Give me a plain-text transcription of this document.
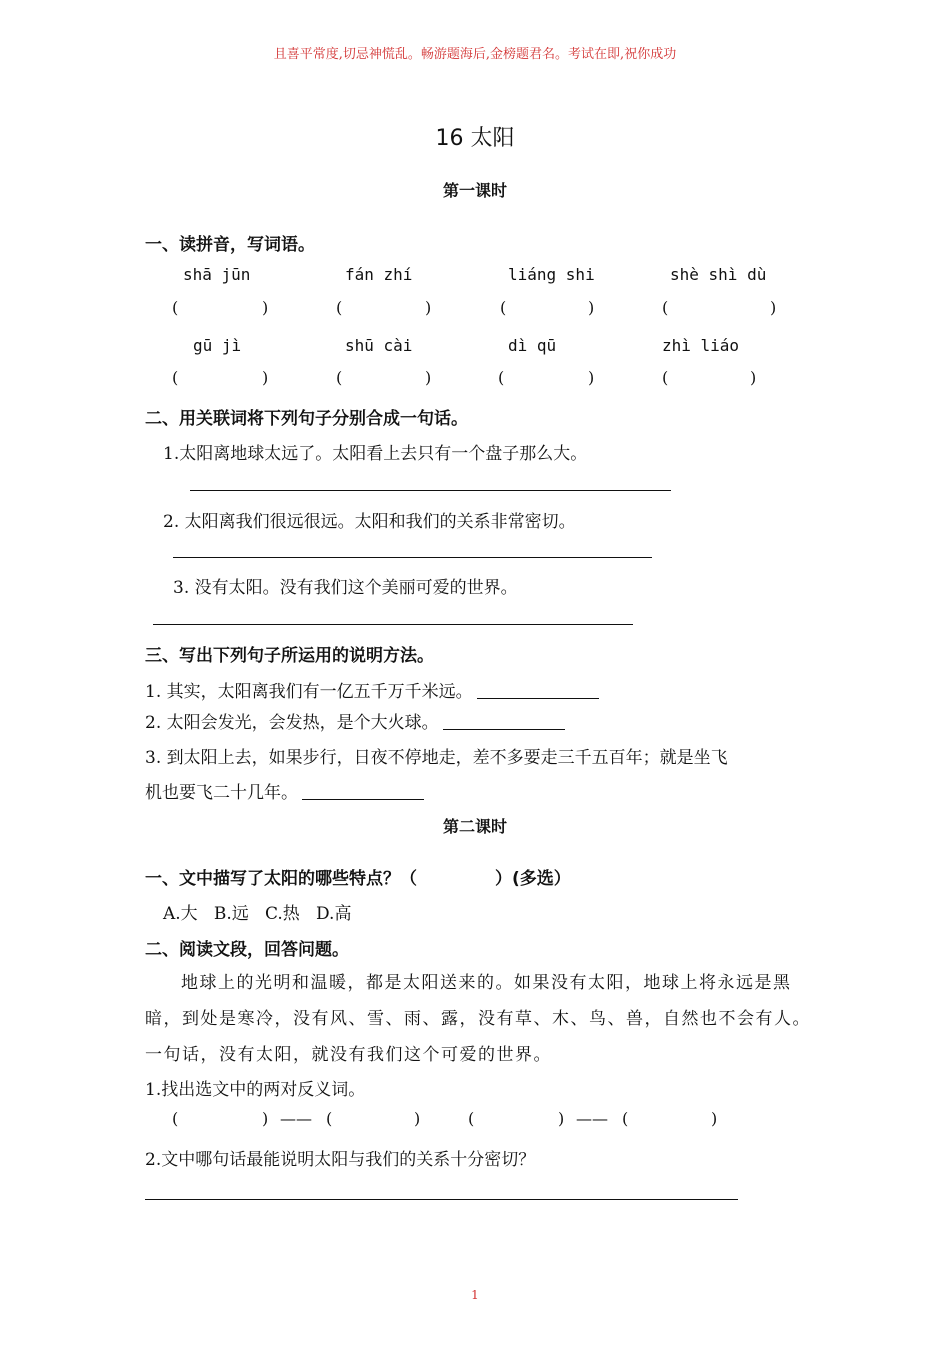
且喜平常度,切忌神慌乱。畅游题海后,金榜题君名。考试在即,祝你成功
16 太阳
第一课时
一、读拼音，写词语。
shā jūn	fán zhí	liáng shi	shè shì dù
(	)	(	)	(	)	(	)
gū jì	shū cài	dì qū	zhì liáo
(	)	(	)	(	)	(	)
二、用关联词将下列句子分别合成一句话。
1.太阳离地球太远了。太阳看上去只有一个盘子那么大。
2. 太阳离我们很远很远。太阳和我们的关系非常密切。
3. 没有太阳。没有我们这个美丽可爱的世界。
三、写出下列句子所运用的说明方法。
1. 其实，太阳离我们有一亿五千万千米远。
2. 太阳会发光，会发热，是个大火球。
3. 到太阳上去，如果步行，日夜不停地走，差不多要走三千五百年；就是坐飞
机也要飞二十几年。
第二课时
一、文中描写了太阳的哪些特点？（	）(多选）
A.大   B.远   C.热   D.高
二、阅读文段，回答问题。
地球上的光明和温暖，都是太阳送来的。如果没有太阳，地球上将永远是黑
暗，到处是寒冷，没有风、雪、雨、露，没有草、木、鸟、兽，自然也不会有人。
一句话，没有太阳，就没有我们这个可爱的世界。
1.找出选文中的两对反义词。
(	) —— (	)	(	) —— (	)
2.文中哪句话最能说明太阳与我们的关系十分密切？
1
